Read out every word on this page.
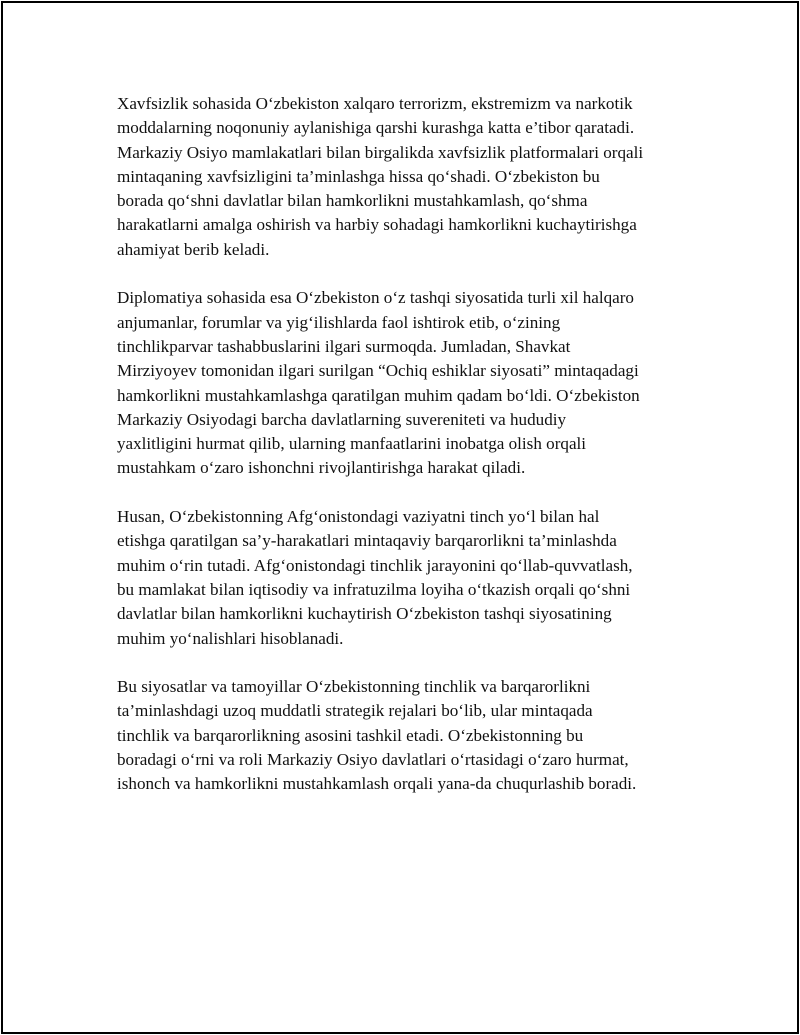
Xavfsizlik sohasida O‘zbekiston xalqaro terrorizm, ekstremizm va narkotik
moddalarning noqonuniy aylanishiga qarshi kurashga katta e’tibor qaratadi.
Markaziy Osiyo mamlakatlari bilan birgalikda xavfsizlik platformalari orqali
mintaqaning xavfsizligini ta’minlashga hissa qo‘shadi. O‘zbekiston bu
borada qo‘shni davlatlar bilan hamkorlikni mustahkamlash, qo‘shma
harakatlarni amalga oshirish va harbiy sohadagi hamkorlikni kuchaytirishga
ahamiyat berib keladi.

Diplomatiya sohasida esa O‘zbekiston o‘z tashqi siyosatida turli xil halqaro
anjumanlar, forumlar va yig‘ilishlarda faol ishtirok etib, o‘zining
tinchlikparvar tashabbuslarini ilgari surmoqda. Jumladan, Shavkat
Mirziyoyev tomonidan ilgari surilgan “Ochiq eshiklar siyosati” mintaqadagi
hamkorlikni mustahkamlashga qaratilgan muhim qadam bo‘ldi. O‘zbekiston
Markaziy Osiyodagi barcha davlatlarning suvereniteti va hududiy
yaxlitligini hurmat qilib, ularning manfaatlarini inobatga olish orqali
mustahkam o‘zaro ishonchni rivojlantirishga harakat qiladi.

Husan, O‘zbekistonning Afg‘onistondagi vaziyatni tinch yo‘l bilan hal
etishga qaratilgan sa’y-harakatlari mintaqaviy barqarorlikni ta’minlashda
muhim o‘rin tutadi. Afg‘onistondagi tinchlik jarayonini qo‘llab-quvvatlash,
bu mamlakat bilan iqtisodiy va infratuzilma loyiha o‘tkazish orqali qo‘shni
davlatlar bilan hamkorlikni kuchaytirish O‘zbekiston tashqi siyosatining
muhim yo‘nalishlari hisoblanadi.

Bu siyosatlar va tamoyillar O‘zbekistonning tinchlik va barqarorlikni
ta’minlashdagi uzoq muddatli strategik rejalari bo‘lib, ular mintaqada
tinchlik va barqarorlikning asosini tashkil etadi. O‘zbekistonning bu
boradagi o‘rni va roli Markaziy Osiyo davlatlari o‘rtasidagi o‘zaro hurmat,
ishonch va hamkorlikni mustahkamlash orqali yana-da chuqurlashib boradi.
